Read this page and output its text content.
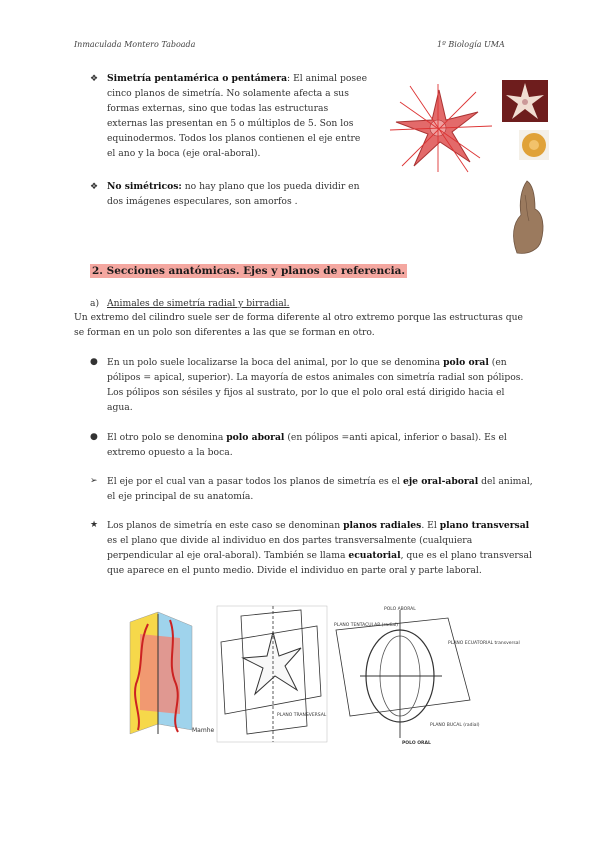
Inmaculada Montero Taboada	1º Biología UMA
❖ Simetría pentamérica o pentámera: El animal posee
cinco planos de simetría. No solamente afecta a sus
formas externas, sino que todas las estructuras
externas las presentan en 5 o múltiplos de 5. Son los
equinodermos. Todos los planos contienen el eje entre
el ano y la boca (eje oral-aboral).
❖ No simétricos: no hay plano que los pueda dividir en
dos imágenes especulares, son amorfos .
2. Secciones anatómicas. Ejes y planos de referencia.
a) Animales de simetría radial y birradial.
Un extremo del cilindro suele ser de forma diferente al otro extremo porque las estructuras que
se forman en un polo son diferentes a las que se forman en otro.
● En un polo suele localizarse la boca del animal, por lo que se denomina polo oral (en
pólipos = apical, superior). La mayoría de estos animales con simetría radial son pólipos.
Los pólipos son sésiles y fijos al sustrato, por lo que el polo oral está dirigido hacia el
agua.
● El otro polo se denomina polo aboral (en pólipos =anti apical, inferior o basal). Es el
extremo opuesto a la boca.
➢ El eje por el cual van a pasar todos los planos de simetría es el eje oral-aboral del animal,
el eje principal de su anatomía.
★ Los planos de simetría en este caso se denominan planos radiales. El plano transversal
es el plano que divide al individuo en dos partes transversalmente (cualquiera
perpendicular al eje oral-aboral). También se llama ecuatorial, que es el plano transversal
que aparece en el punto medio. Divide el individuo en parte oral y parte laboral.
Mamhe
PLANO TRANSVERSAL
POLO ABORAL
PLANO TENTACULAR (radial)
PLANO ECUATORIAL transversal
PLANO BUCAL (radial)
POLO ORAL
